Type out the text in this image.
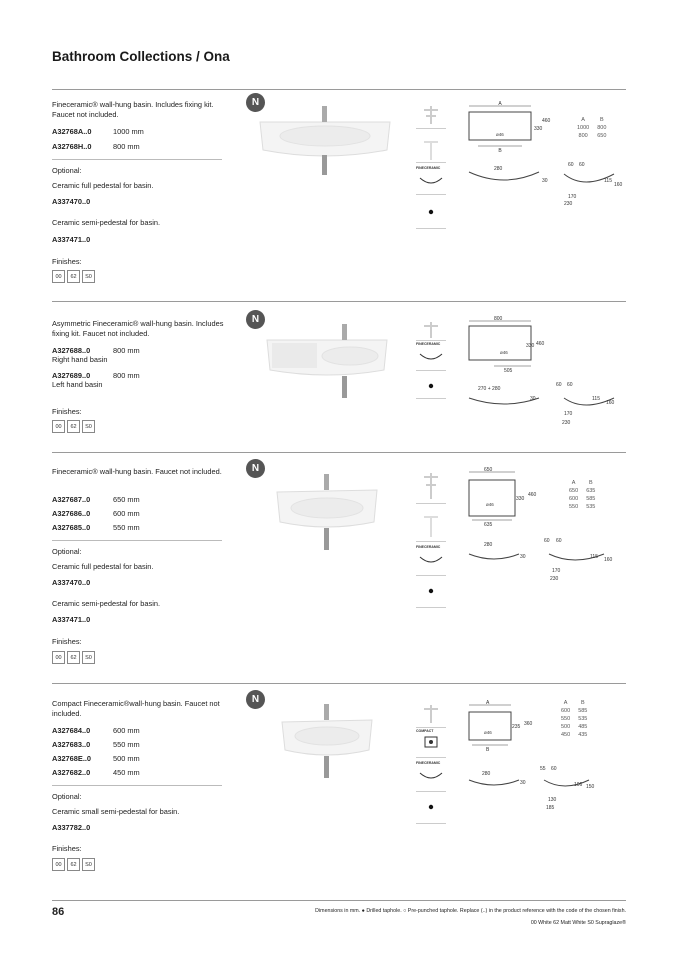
Bathroom Collections / Ona
Fineceramic® wall-hung basin. Includes fixing kit. Faucet not included.
A32768A..0	1000 mm
A32768H..0	800 mm
Optional:
Ceramic full pedestal for basin.
A337470..0
Ceramic semi-pedestal for basin.
A337471..0
Finishes:
00	62	S0
N
FINECERAMIC
A
B
330
460
ø46
280
30
60 60
115
160
170
230
A	B
1000	800
800	650
Asymmetric Fineceramic® wall-hung basin. Includes fixing kit. Faucet not included.
A327688..0	800 mm
Right hand basin
A327689..0	800 mm
Left hand basin
Finishes:
00	62	S0
N
FINECERAMIC
800
505
330 460
ø46
270 + 280
30
60 60
115
160
170
230
Fineceramic® wall-hung basin. Faucet not included.
A327687..0	650 mm
A327686..0	600 mm
A327685..0	550 mm
Optional:
Ceramic full pedestal for basin.
A337470..0
Ceramic semi-pedestal for basin.
A337471..0
Finishes:
00	62	S0
N
FINECERAMIC
650
635
330
460
ø46
280
30
60 60
115 160
170
230
A	B
650	635
600	585
550	535
Compact Fineceramic®wall-hung basin. Faucet not included.
A327684..0	600 mm
A327683..0	550 mm
A32768E..0	500 mm
A327682..0	450 mm
Optional:
Ceramic small semi-pedestal for basin.
A337782..0
Finishes:
00	62	S0
N
COMPACT
FINECERAMIC
A
B
235 360
ø46
280
30
55 60
106 150
130
185
A	B
600	585
550	535
500	485
450	435
86	Dimensions in mm. ● Drilled taphole. ○ Pre-punched taphole. Replace (..) in the product reference with the code of the chosen finish.
00 White 62 Matt White S0 Supraglaze®
